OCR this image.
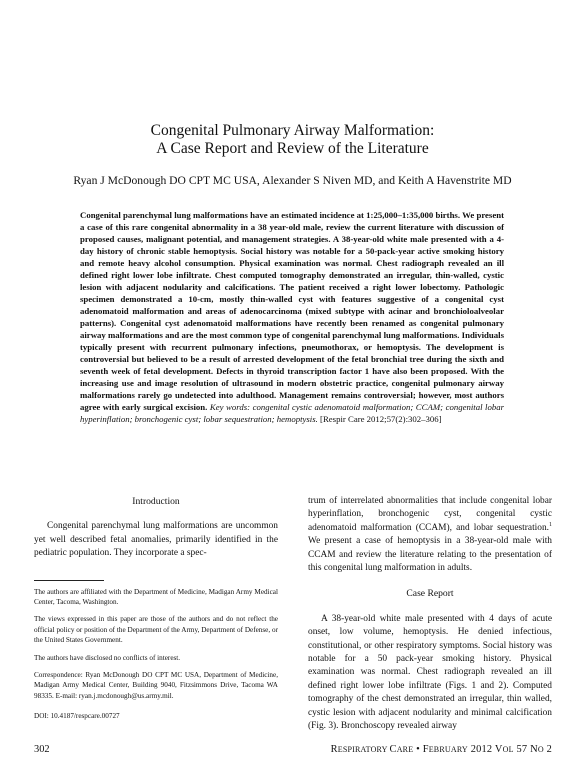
Congenital Pulmonary Airway Malformation:
A Case Report and Review of the Literature
Ryan J McDonough DO CPT MC USA, Alexander S Niven MD, and Keith A Havenstrite MD
Congenital parenchymal lung malformations have an estimated incidence at 1:25,000–1:35,000 births. We present a case of this rare congenital abnormality in a 38 year-old male, review the current literature with discussion of proposed causes, malignant potential, and management strategies. A 38-year-old white male presented with a 4-day history of chronic stable hemoptysis. Social history was notable for a 50-pack-year active smoking history and remote heavy alcohol consumption. Physical examination was normal. Chest radiograph revealed an ill defined right lower lobe infiltrate. Chest computed tomography demonstrated an irregular, thin-walled, cystic lesion with adjacent nodularity and calcifications. The patient received a right lower lobectomy. Pathologic specimen demonstrated a 10-cm, mostly thin-walled cyst with features suggestive of a congenital cyst adenomatoid malformation and areas of adenocarcinoma (mixed subtype with acinar and bronchioloalveolar patterns). Congenital cyst adenomatoid malformations have recently been renamed as congenital pulmonary airway malformations and are the most common type of congenital parenchymal lung malformations. Individuals typically present with recurrent pulmonary infections, pneumothorax, or hemoptysis. The development is controversial but believed to be a result of arrested development of the fetal bronchial tree during the sixth and seventh week of fetal development. Defects in thyroid transcription factor 1 have also been proposed. With the increasing use and image resolution of ultrasound in modern obstetric practice, congenital pulmonary airway malformations rarely go undetected into adulthood. Management remains controversial; however, most authors agree with early surgical excision. Key words: congenital cystic adenomatoid malformation; CCAM; congenital lobar hyperinflation; bronchogenic cyst; lobar sequestration; hemoptysis. [Respir Care 2012;57(2):302–306]
Introduction

Congenital parenchymal lung malformations are uncommon yet well described fetal anomalies, primarily identified in the pediatric population. They incorporate a spec-

The authors are affiliated with the Department of Medicine, Madigan Army Medical Center, Tacoma, Washington.

The views expressed in this paper are those of the authors and do not reflect the official policy or position of the Department of the Army, Department of Defense, or the United States Government.

The authors have disclosed no conflicts of interest.

Correspondence: Ryan McDonough DO CPT MC USA, Department of Medicine, Madigan Army Medical Center, Building 9040, Fitzsimmons Drive, Tacoma WA 98335. E-mail: ryan.j.mcdonough@us.army.mil.

DOI: 10.4187/respcare.00727

trum of interrelated abnormalities that include congenital lobar hyperinflation, bronchogenic cyst, congenital cystic adenomatoid malformation (CCAM), and lobar sequestration.$^1$ We present a case of hemoptysis in a 38-year-old male with CCAM and review the literature relating to the presentation of this congenital lung malformation in adults.

Case Report

A 38-year-old white male presented with 4 days of acute onset, low volume, hemoptysis. He denied infectious, constitutional, or other respiratory symptoms. Social history was notable for a 50 pack-year smoking history. Physical examination was normal. Chest radiograph revealed an ill defined right lower lobe infiltrate (Figs. 1 and 2). Computed tomography of the chest demonstrated an irregular, thin walled, cystic lesion with adjacent nodularity and minimal calcification (Fig. 3). Bronchoscopy revealed airway

302	RESPIRATORY CARE • FEBRUARY 2012 VOL 57 NO 2
